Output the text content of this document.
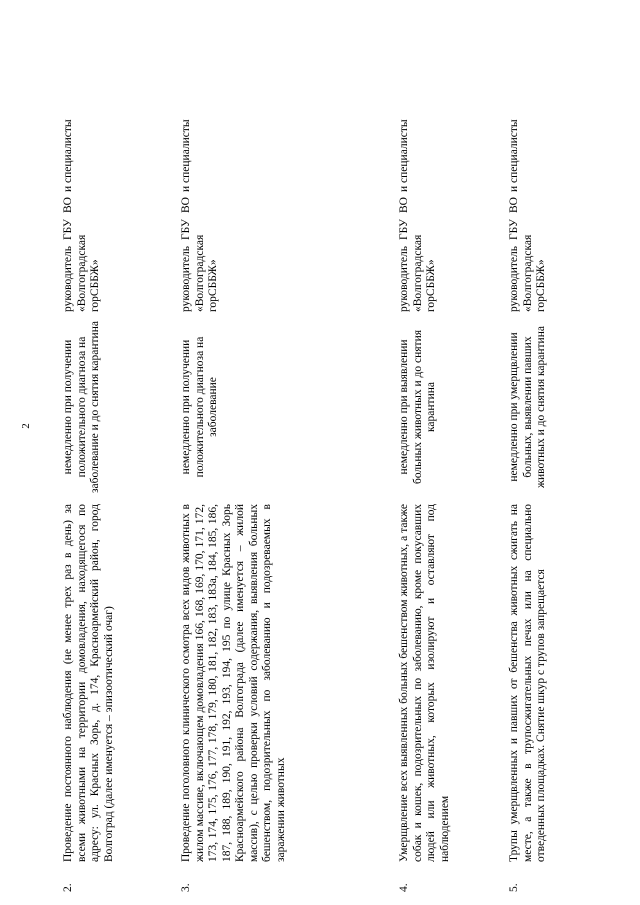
2
2.
Проведение постоянного наблюдения (не менее трех раз в день) за всеми животными на территории домовладения, находящегося по адресу: ул. Красных Зорь, д. 174, Красноармейский район, город Волгоград (далее именуется – эпизоотический очаг)
немедленно при получении положительного диагноза на заболевание и до снятия карантина
руководитель ГБУ ВО «Волгоградская горСББЖ»
и специалисты
3.
Проведение поголовного клинического осмотра всех видов животных в жилом массиве, включающем домовладения 166, 168, 169, 170, 171, 172, 173, 174, 175, 176, 177, 178, 179, 180, 181, 182, 183, 183а, 184, 185, 186, 187, 188, 189, 190, 191, 192, 193, 194, 195 по улице Красных Зорь Красноармейского района Волгограда (далее именуется – жилой массив), с целью проверки условий содержания, выявления больных бешенством, подозрительных по заболеванию и подозреваемых в заражении животных
немедленно при получении положительного диагноза на заболевание
руководитель ГБУ ВО «Волгоградская горСББЖ»
и специалисты
4.
Умерщвление всех выявленных больных бешенством животных, а также собак и кошек, подозрительных по заболеванию, кроме покусавших людей или животных, которых изолируют и оставляют под наблюдением
немедленно при выявлении больных животных и до снятия карантина
руководитель ГБУ ВО «Волгоградская горСББЖ»
и специалисты
5.
Трупы умерщвленных и павших от бешенства животных сжигать на месте, а также в трупосжигательных печах или на специально отведенных площадках. Снятие шкур с трупов запрещается
немедленно при умерщвлении больных, выявлении павших животных и до снятия карантина
руководитель ГБУ ВО «Волгоградская горСББЖ»
и специалисты
